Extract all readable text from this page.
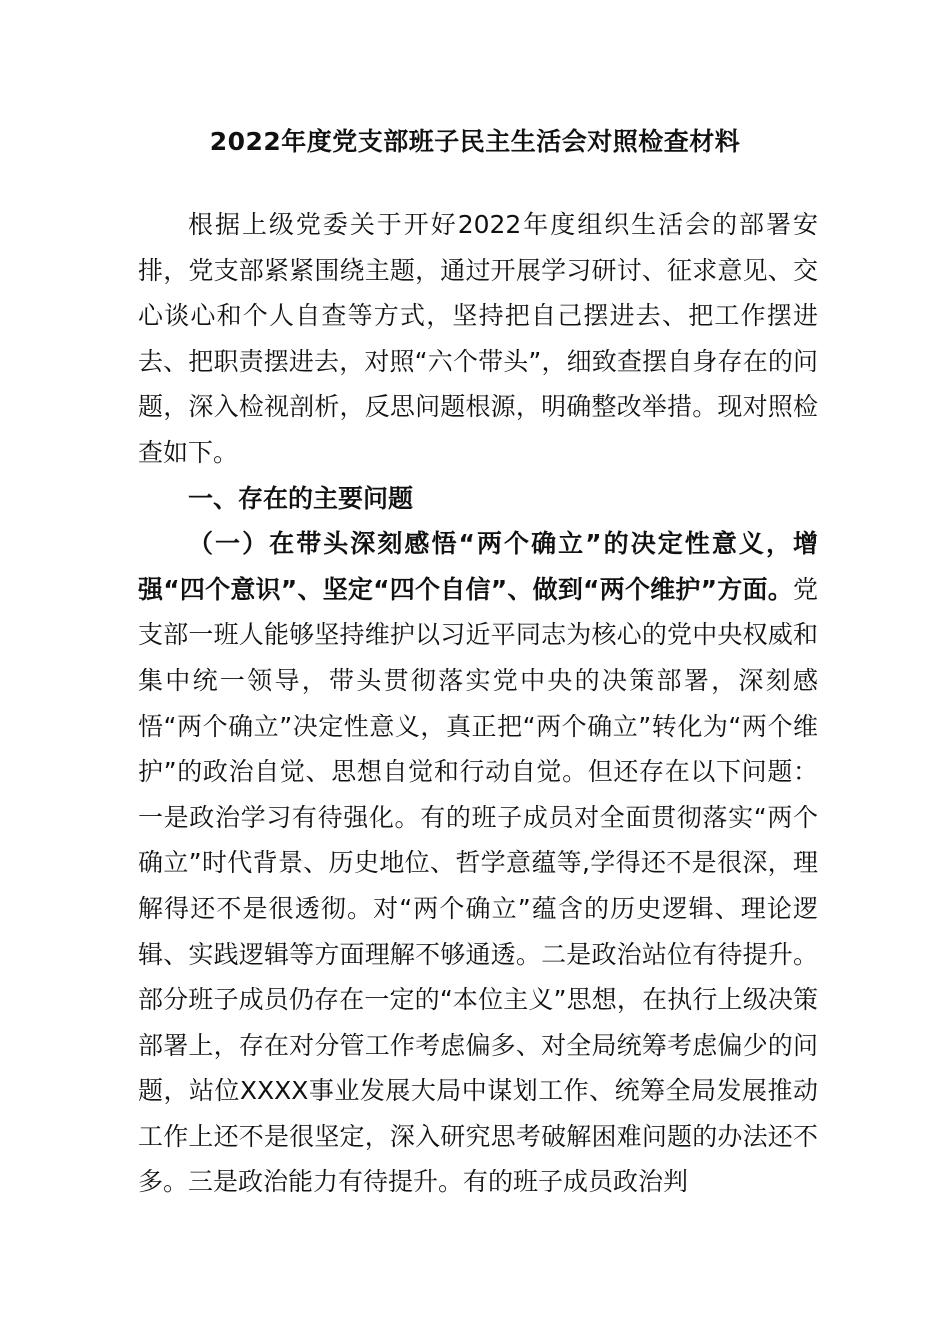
2022年度党支部班子民主生活会对照检查材料

根据上级党委关于开好2022年度组织生活会的部署安排，党支部紧紧围绕主题，通过开展学习研讨、征求意见、交心谈心和个人自查等方式，坚持把自己摆进去、把工作摆进去、把职责摆进去，对照“六个带头”，细致查摆自身存在的问题，深入检视剖析，反思问题根源，明确整改举措。现对照检查如下。

一、存在的主要问题

（一）在带头深刻感悟“两个确立”的决定性意义，增强“四个意识”、坚定“四个自信”、做到“两个维护”方面。党支部一班人能够坚持维护以习近平同志为核心的党中央权威和集中统一领导，带头贯彻落实党中央的决策部署，深刻感悟“两个确立”决定性意义，真正把“两个确立”转化为“两个维护”的政治自觉、思想自觉和行动自觉。但还存在以下问题：一是政治学习有待强化。有的班子成员对全面贯彻落实“两个确立”时代背景、历史地位、哲学意蕴等,学得还不是很深，理解得还不是很透彻。对“两个确立”蕴含的历史逻辑、理论逻辑、实践逻辑等方面理解不够通透。二是政治站位有待提升。部分班子成员仍存在一定的“本位主义”思想，在执行上级决策部署上，存在对分管工作考虑偏多、对全局统筹考虑偏少的问题，站位XXXX事业发展大局中谋划工作、统筹全局发展推动工作上还不是很坚定，深入研究思考破解困难问题的办法还不多。三是政治能力有待提升。有的班子成员政治判
